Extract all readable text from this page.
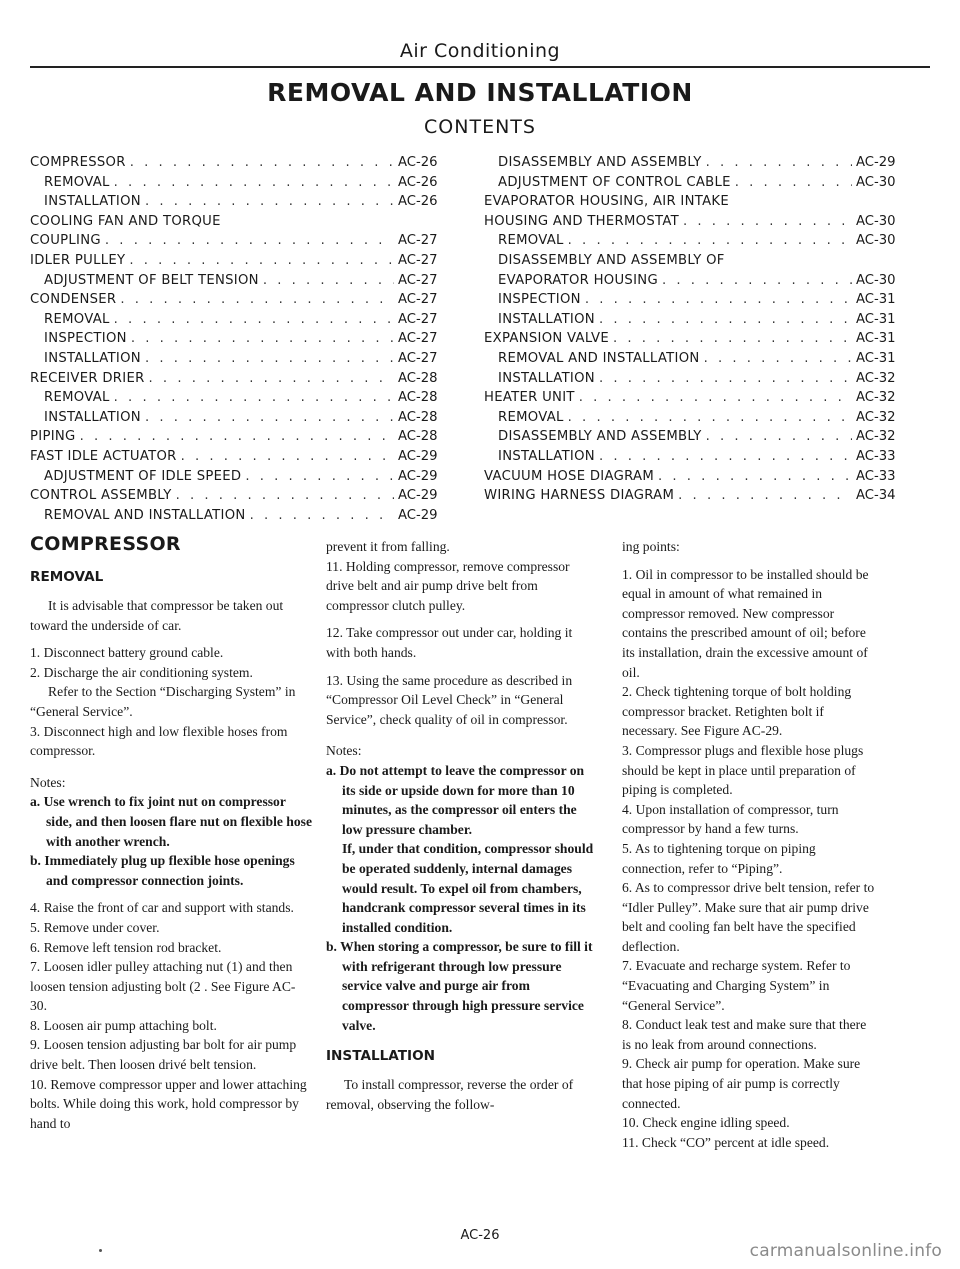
Air Conditioning
REMOVAL AND INSTALLATION
CONTENTS
COMPRESSOR . . .	AC-26
REMOVAL . . .	AC-26
INSTALLATION . . .	AC-26
COOLING FAN AND TORQUE
COUPLING . . .	AC-27
IDLER PULLEY . . .	AC-27
ADJUSTMENT OF BELT TENSION . . .	AC-27
CONDENSER . . .	AC-27
REMOVAL . . .	AC-27
INSPECTION . . .	AC-27
INSTALLATION . . .	AC-27
RECEIVER DRIER . . .	AC-28
REMOVAL . . .	AC-28
INSTALLATION . . .	AC-28
PIPING . . .	AC-28
FAST IDLE ACTUATOR . . .	AC-29
ADJUSTMENT OF IDLE SPEED . . .	AC-29
CONTROL ASSEMBLY . . .	AC-29
REMOVAL AND INSTALLATION . . .	AC-29
DISASSEMBLY AND ASSEMBLY . . .	AC-29
ADJUSTMENT OF CONTROL CABLE . . .	AC-30
EVAPORATOR HOUSING, AIR INTAKE
HOUSING AND THERMOSTAT . . .	AC-30
REMOVAL . . .	AC-30
DISASSEMBLY AND ASSEMBLY OF
EVAPORATOR HOUSING . . .	AC-30
INSPECTION . . .	AC-31
INSTALLATION . . .	AC-31
EXPANSION VALVE . . .	AC-31
REMOVAL AND INSTALLATION . . .	AC-31
INSTALLATION . . .	AC-32
HEATER UNIT . . .	AC-32
REMOVAL . . .	AC-32
DISASSEMBLY AND ASSEMBLY . . .	AC-32
INSTALLATION . . .	AC-33
VACUUM HOSE DIAGRAM . . .	AC-33
WIRING HARNESS DIAGRAM . . .	AC-34

COMPRESSOR

REMOVAL

It is advisable that compressor be taken out toward the underside of car.

1. Disconnect battery ground cable.

2. Discharge the air conditioning system.

Refer to the Section “Discharging System” in “General Service”.

3. Disconnect high and low flexible hoses from compressor.

Notes:

a. Use wrench to fix joint nut on compressor side, and then loosen flare nut on flexible hose with another wrench.

b. Immediately plug up flexible hose openings and compressor connection joints.

4. Raise the front of car and support with stands.

5. Remove under cover.

6. Remove left tension rod bracket.

7. Loosen idler pulley attaching nut (1) and then loosen tension adjusting bolt (2 . See Figure AC-30.

8. Loosen air pump attaching bolt.

9. Loosen tension adjusting bar bolt for air pump drive belt. Then loosen drivé belt tension.

10. Remove compressor upper and lower attaching bolts. While doing this work, hold compressor by hand to

prevent it from falling.

11. Holding compressor, remove compressor drive belt and air pump drive belt from compressor clutch pulley.

12. Take compressor out under car, holding it with both hands.

13. Using the same procedure as described in “Compressor Oil Level Check” in “General Service”, check quality of oil in compressor.

Notes:

a. Do not attempt to leave the compressor on its side or upside down for more than 10 minutes, as the compressor oil enters the low pressure chamber.

If, under that condition, compressor should be operated suddenly, internal damages would result. To expel oil from chambers, handcrank compressor several times in its installed condition.

b. When storing a compressor, be sure to fill it with refrigerant through low pressure service valve and purge air from compressor through high pressure service valve.

INSTALLATION

To install compressor, reverse the order of removal, observing the follow-

ing points:

1. Oil in compressor to be installed should be equal in amount of what remained in compressor removed. New compressor contains the prescribed amount of oil; before its installation, drain the excessive amount of oil.

2. Check tightening torque of bolt holding compressor bracket. Retighten bolt if necessary. See Figure AC-29.

3. Compressor plugs and flexible hose plugs should be kept in place until preparation of piping is completed.

4. Upon installation of compressor, turn compressor by hand a few turns.

5. As to tightening torque on piping connection, refer to “Piping”.

6. As to compressor drive belt tension, refer to “Idler Pulley”. Make sure that air pump drive belt and cooling fan belt have the specified deflection.

7. Evacuate and recharge system. Refer to “Evacuating and Charging System” in “General Service”.

8. Conduct leak test and make sure that there is no leak from around connections.

9. Check air pump for operation. Make sure that hose piping of air pump is correctly connected.

10. Check engine idling speed.

11. Check “CO” percent at idle speed.

AC-26
carmanualsonline.info
